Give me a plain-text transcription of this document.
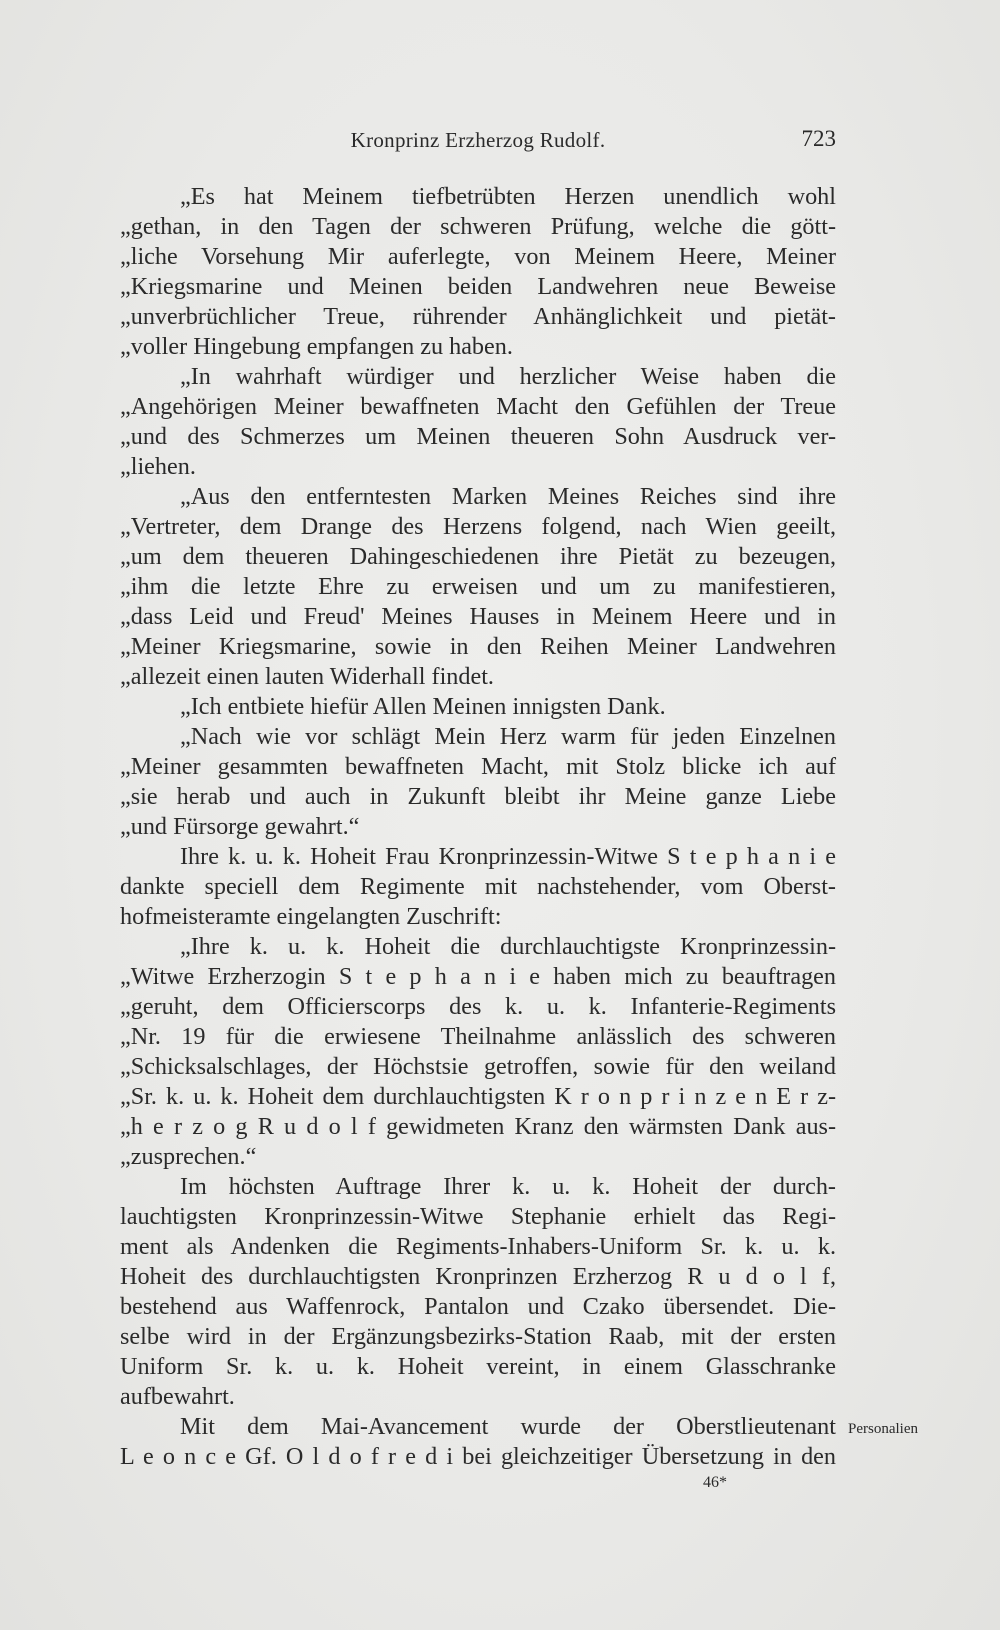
Kronprinz Erzherzog Rudolf.	723
„Es hat Meinem tiefbetrübten Herzen unendlich wohl
„gethan, in den Tagen der schweren Prüfung, welche die gött-
„liche Vorsehung Mir auferlegte, von Meinem Heere, Meiner
„Kriegsmarine und Meinen beiden Landwehren neue Beweise
„unverbrüchlicher Treue, rührender Anhänglichkeit und pietät-
„voller Hingebung empfangen zu haben.
„In wahrhaft würdiger und herzlicher Weise haben die
„Angehörigen Meiner bewaffneten Macht den Gefühlen der Treue
„und des Schmerzes um Meinen theueren Sohn Ausdruck ver-
„liehen.
„Aus den entferntesten Marken Meines Reiches sind ihre
„Vertreter, dem Drange des Herzens folgend, nach Wien geeilt,
„um dem theueren Dahingeschiedenen ihre Pietät zu bezeugen,
„ihm die letzte Ehre zu erweisen und um zu manifestieren,
„dass Leid und Freud' Meines Hauses in Meinem Heere und in
„Meiner Kriegsmarine, sowie in den Reihen Meiner Landwehren
„allezeit einen lauten Widerhall findet.
„Ich entbiete hiefür Allen Meinen innigsten Dank.
„Nach wie vor schlägt Mein Herz warm für jeden Einzelnen
„Meiner gesammten bewaffneten Macht, mit Stolz blicke ich auf
„sie herab und auch in Zukunft bleibt ihr Meine ganze Liebe
„und Fürsorge gewahrt.“
Ihre k. u. k. Hoheit Frau Kronprinzessin-Witwe S t e p h a n i e
dankte speciell dem Regimente mit nachstehender, vom Oberst-
hofmeisteramte eingelangten Zuschrift:
„Ihre k. u. k. Hoheit die durchlauchtigste Kronprinzessin-
„Witwe Erzherzogin S t e p h a n i e haben mich zu beauftragen
„geruht, dem Officierscorps des k. u. k. Infanterie-Regiments
„Nr. 19 für die erwiesene Theilnahme anlässlich des schweren
„Schicksalschlages, der Höchstsie getroffen, sowie für den weiland
„Sr. k. u. k. Hoheit dem durchlauchtigsten K r o n p r i n z e n E r z-
„h e r z o g R u d o l f gewidmeten Kranz den wärmsten Dank aus-
„zusprechen.“
Im höchsten Auftrage Ihrer k. u. k. Hoheit der durch-
lauchtigsten Kronprinzessin-Witwe Stephanie erhielt das Regi-
ment als Andenken die Regiments-Inhabers-Uniform Sr. k. u. k.
Hoheit des durchlauchtigsten Kronprinzen Erzherzog R u d o l f,
bestehend aus Waffenrock, Pantalon und Czako übersendet. Die-
selbe wird in der Ergänzungsbezirks-Station Raab, mit der ersten
Uniform Sr. k. u. k. Hoheit vereint, in einem Glasschranke
aufbewahrt.
Mit dem Mai-Avancement wurde der Oberstlieutenant
L e o n c e Gf. O l d o f r e d i bei gleichzeitiger Übersetzung in den
Personalien
46*
